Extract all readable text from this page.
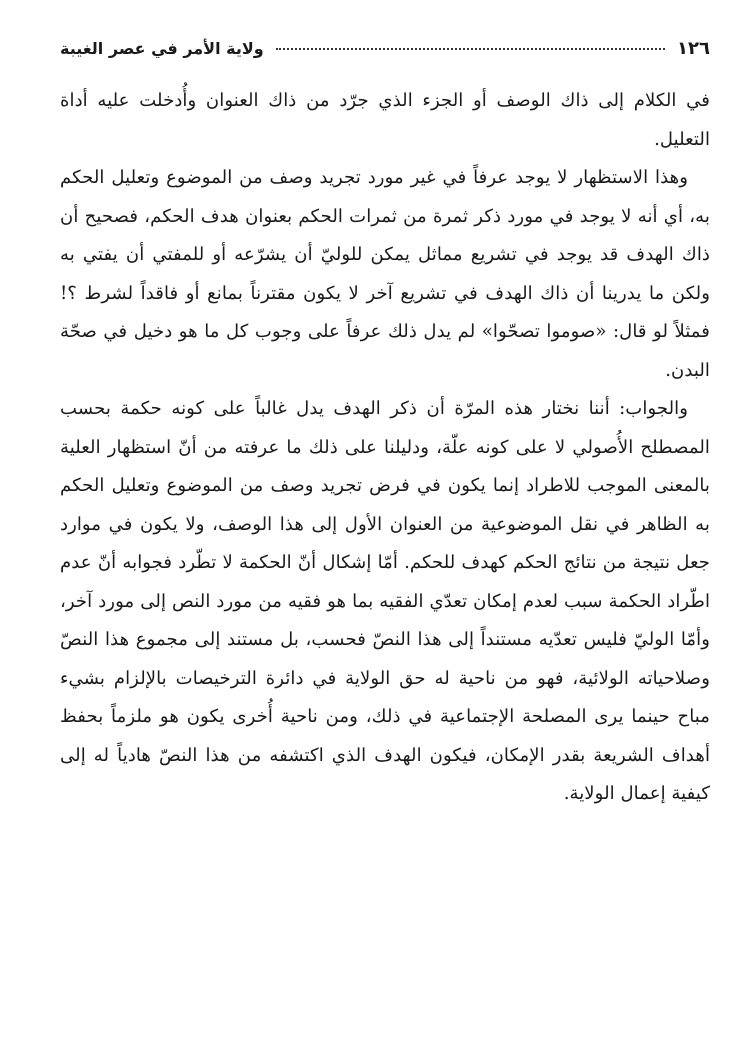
١٢٦
ولاية الأمر في عصر الغيبة

في الكلام إلى ذاك الوصف أو الجزء الذي جرّد من ذاك العنوان وأُدخلت عليه أداة التعليل.

وهذا الاستظهار لا يوجد عرفاً في غير مورد تجريد وصف من الموضوع وتعليل الحكم به، أي أنه لا يوجد في مورد ذكر ثمرة من ثمرات الحكم بعنوان هدف الحكم، فصحيح أن ذاك الهدف قد يوجد في تشريع مماثل يمكن للوليّ أن يشرّعه أو للمفتي أن يفتي به ولكن ما يدرينا أن ذاك الهدف في تشريع آخر لا يكون مقترناً بمانع أو فاقداً لشرط ؟! فمثلاً لو قال: «صوموا تصحّوا» لم يدل ذلك عرفاً على وجوب كل ما هو دخيل في صحّة البدن.

والجواب: أننا نختار هذه المرّة أن ذكر الهدف يدل غالباً على كونه حكمة بحسب المصطلح الأُصولي لا على كونه علّة، ودليلنا على ذلك ما عرفته من أنّ استظهار العلية بالمعنى الموجب للاطراد إنما يكون في فرض تجريد وصف من الموضوع وتعليل الحكم به الظاهر في نقل الموضوعية من العنوان الأول إلى هذا الوصف، ولا يكون في موارد جعل نتيجة من نتائج الحكم كهدف للحكم. أمّا إشكال أنّ الحكمة لا تطّرد فجوابه أنّ عدم اطّراد الحكمة سبب لعدم إمكان تعدّي الفقيه بما هو فقيه من مورد النص إلى مورد آخر، وأمّا الوليّ فليس تعدّيه مستنداً إلى هذا النصّ فحسب، بل مستند إلى مجموع هذا النصّ وصلاحياته الولائية، فهو من ناحية له حق الولاية في دائرة الترخيصات بالإلزام بشيء مباح حينما يرى المصلحة الإجتماعية في ذلك، ومن ناحية أُخرى يكون هو ملزماً بحفظ أهداف الشريعة بقدر الإمكان، فيكون الهدف الذي اكتشفه من هذا النصّ هادياً له إلى كيفية إعمال الولاية.
